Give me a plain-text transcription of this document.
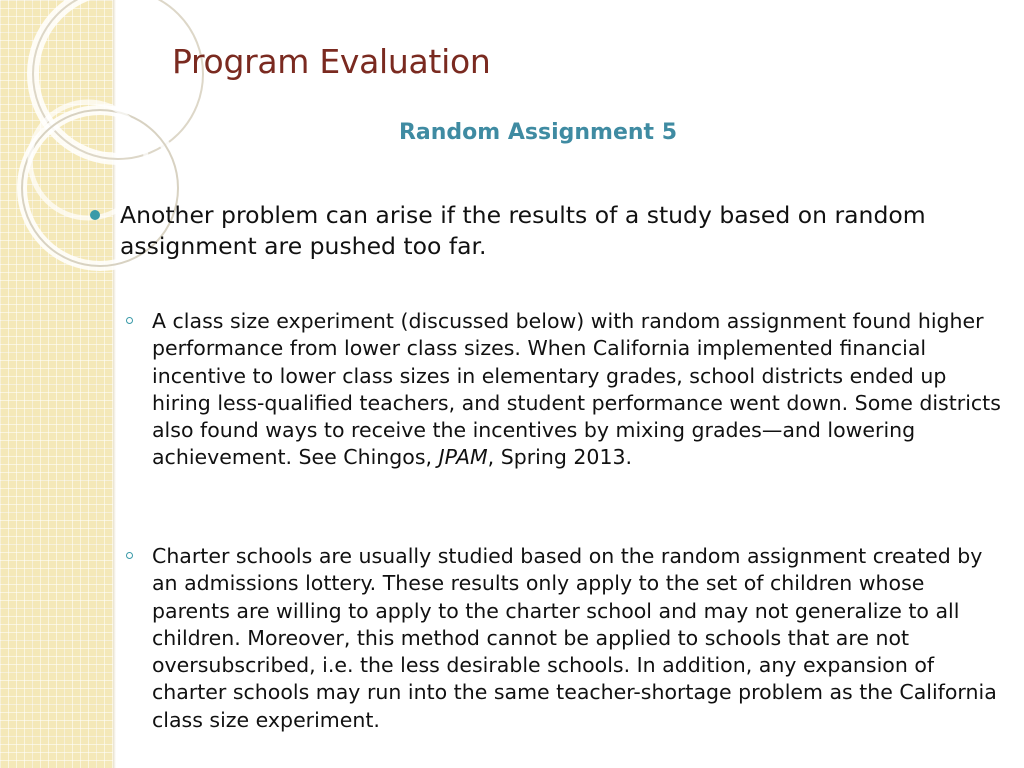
Program Evaluation
Random Assignment 5
Another problem can arise if the results of a study based on random assignment are pushed too far.
A class size experiment (discussed below) with random assignment found higher performance from lower class sizes. When California implemented financial incentive to lower class sizes in elementary grades, school districts ended up hiring less-qualified teachers, and student performance went down. Some districts also found ways to receive the incentives by mixing grades—and lowering achievement. See Chingos, JPAM, Spring 2013.
Charter schools are usually studied based on the random assignment created by an admissions lottery. These results only apply to the set of children whose parents are willing to apply to the charter school and may not generalize to all children. Moreover, this method cannot be applied to schools that are not oversubscribed, i.e. the less desirable schools. In addition, any expansion of charter schools may run into the same teacher-shortage problem as the California class size experiment.
